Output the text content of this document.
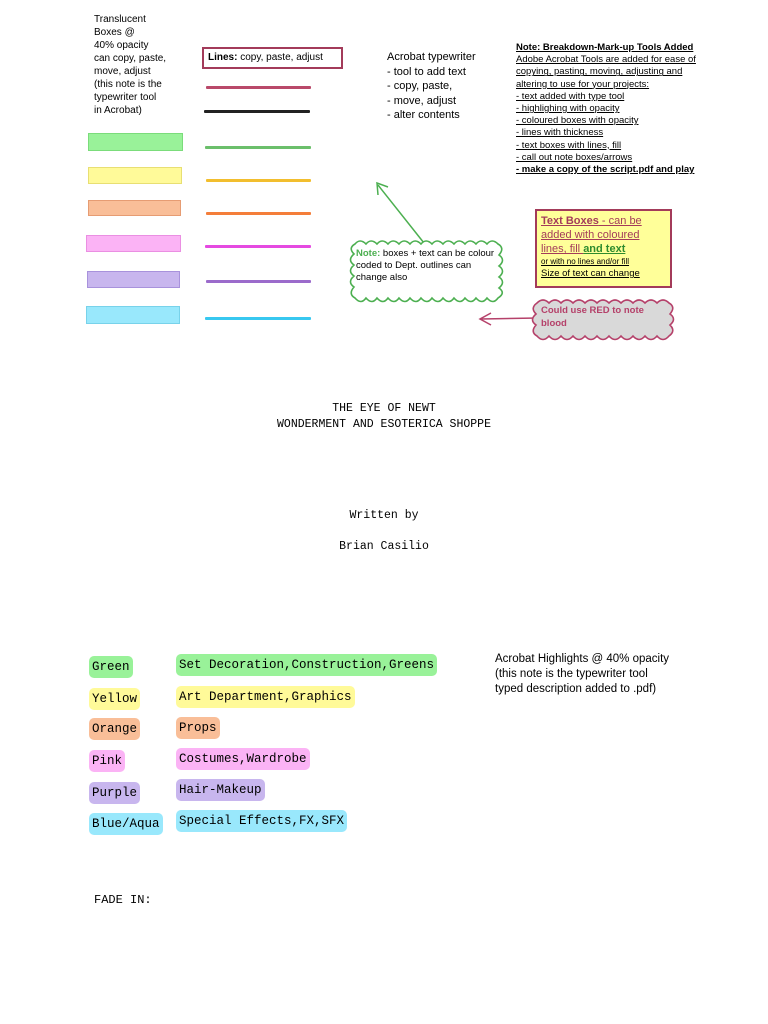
Translucent
Boxes @
40% opacity
can copy, paste,
move, adjust
(this note is the
typewriter tool
in Acrobat)
Lines: copy, paste, adjust	Acrobat typewriter
- tool to add text
- copy, paste,
- move, adjust
- alter contents
Note: Breakdown-Mark-up Tools Added
Adobe Acrobat Tools are added for ease of
copying, pasting, moving, adjusting and
altering to use for your projects:
- text added with type tool
- highlighing with opacity
- coloured boxes with opacity
- lines with thickness
- text boxes with lines, fill
- call out note boxes/arrows
- make a copy of the script.pdf and play
Text Boxes - can be added with coloured lines, fill and text
or with no lines and/or fill
Size of text can change
Note: boxes + text can be colour coded to Dept. outlines can change also
Could use RED to note blood
THE EYE OF NEWT
WONDERMENT AND ESOTERICA SHOPPE
Written by
Brian Casilio
Green
Yellow
Orange
Pink
Purple
Blue/Aqua
Set Decoration,Construction,Greens
Art Department,Graphics
Props
Costumes,Wardrobe
Hair-Makeup
Special Effects,FX,SFX
Acrobat Highlights @ 40% opacity
(this note is the typewriter tool
typed description added to .pdf)
FADE IN:
